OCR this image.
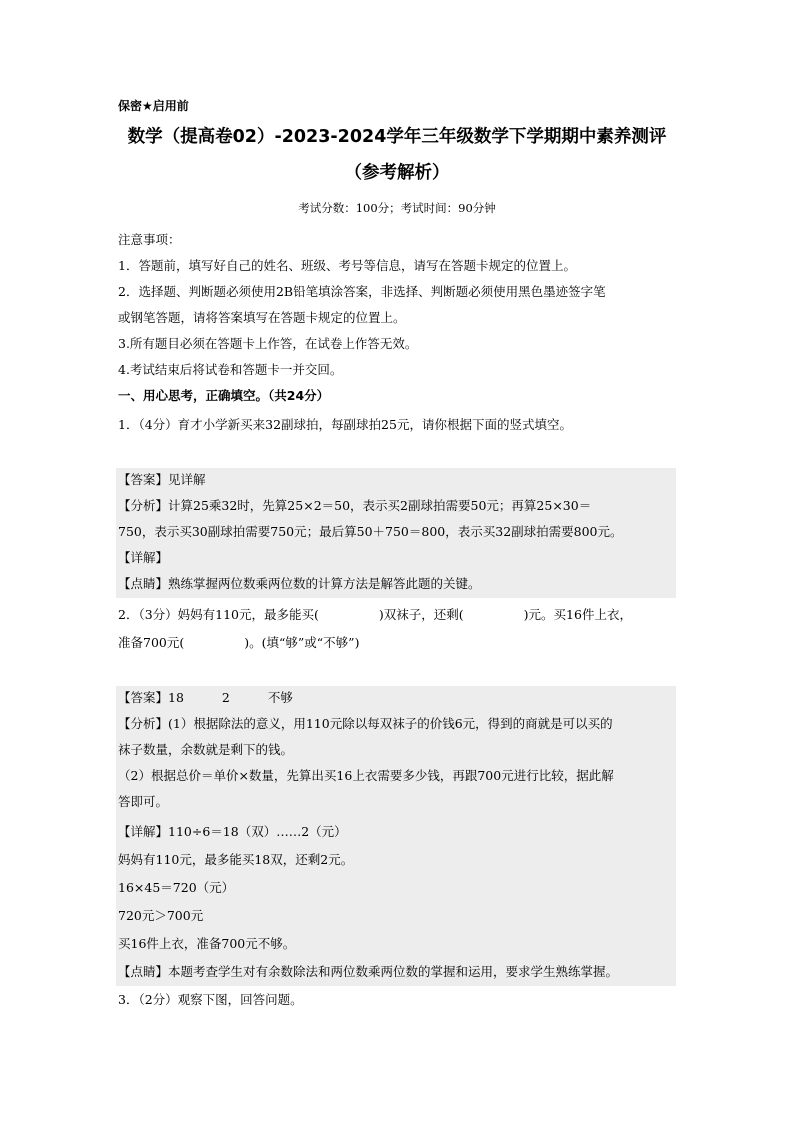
保密★启用前
数学（提高卷02）-2023-2024学年三年级数学下学期期中素养测评
（参考解析）
考试分数：100分；考试时间：90分钟
注意事项：
1．答题前，填写好自己的姓名、班级、考号等信息，请写在答题卡规定的位置上。
2．选择题、判断题必须使用2B铅笔填涂答案，非选择、判断题必须使用黑色墨迹签字笔
或钢笔答题，请将答案填写在答题卡规定的位置上。
3.所有题目必须在答题卡上作答，在试卷上作答无效。
4.考试结束后将试卷和答题卡一并交回。
一、用心思考，正确填空。（共24分）
1．（4分）育才小学新买来32副球拍，每副球拍25元，请你根据下面的竖式填空。
【答案】见详解
【分析】计算25乘32时，先算25×2＝50，表示买2副球拍需要50元；再算25×30＝
750，表示买30副球拍需要750元；最后算50＋750＝800，表示买32副球拍需要800元。
【详解】
【点睛】熟练掌握两位数乘两位数的计算方法是解答此题的关键。
2．（3分）妈妈有110元，最多能买(	)双袜子，还剩(	)元。买16件上衣，
准备700元(	)。(填“够”或“不够”)
【答案】18	2	不够
【分析】(1）根据除法的意义，用110元除以每双袜子的价钱6元，得到的商就是可以买的
袜子数量，余数就是剩下的钱。
（2）根据总价＝单价×数量，先算出买16上衣需要多少钱，再跟700元进行比较，据此解
答即可。
【详解】110÷6＝18（双）……2（元）
妈妈有110元，最多能买18双，还剩2元。
16×45＝720（元）
720元＞700元
买16件上衣，准备700元不够。
【点睛】本题考查学生对有余数除法和两位数乘两位数的掌握和运用，要求学生熟练掌握。
3．（2分）观察下图，回答问题。
